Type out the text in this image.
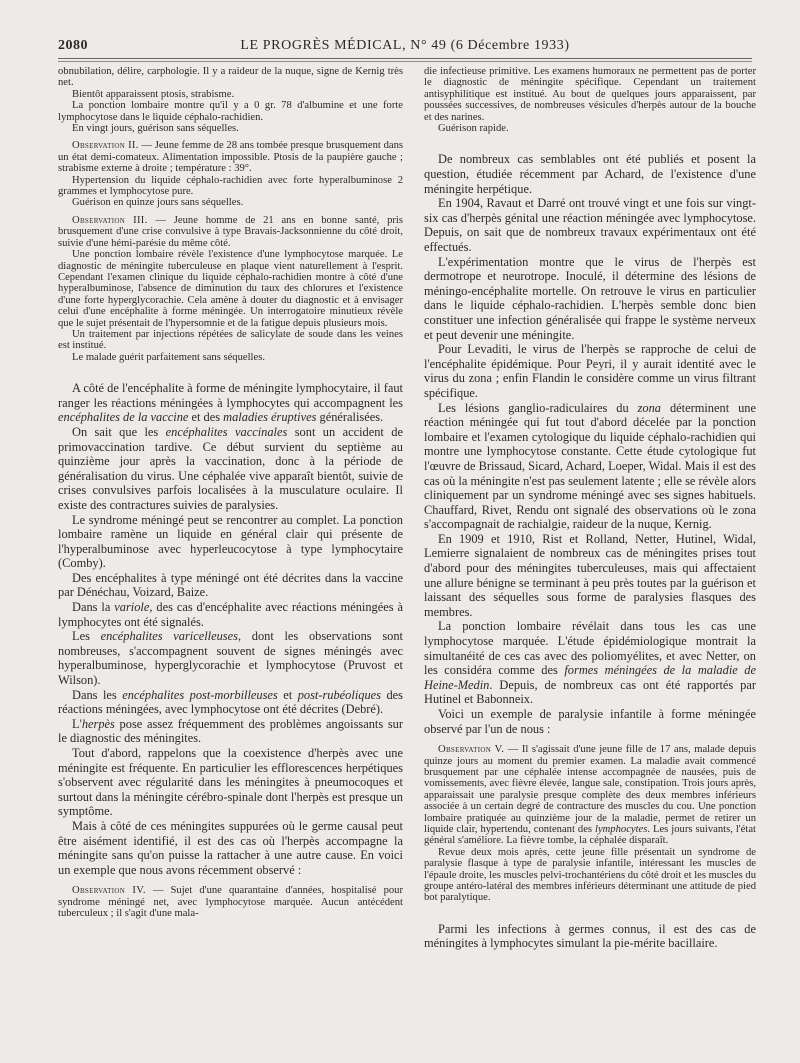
2080	LE PROGRÈS MÉDICAL, N° 49 (6 Décembre 1933)

obnubilation, délire, carphologie. Il y a raideur de la nuque, signe de Kernig très net.

Bientôt apparaissent ptosis, strabisme.

La ponction lombaire montre qu'il y a 0 gr. 78 d'albumine et une forte lymphocytose dans le liquide céphalo-rachidien.

En vingt jours, guérison sans séquelles.

Observation II. — Jeune femme de 28 ans tombée presque brusquement dans un état demi-comateux. Alimentation impossible. Ptosis de la paupière gauche ; strabisme externe à droite ; température : 39°.

Hypertension du liquide céphalo-rachidien avec forte hyperalbuminose 2 grammes et lymphocytose pure.

Guérison en quinze jours sans séquelles.

Observation III. — Jeune homme de 21 ans en bonne santé, pris brusquement d'une crise convulsive à type Bravais-Jacksonnienne du côté droit, suivie d'une hémi-parésie du même côté.

Une ponction lombaire révèle l'existence d'une lymphocytose marquée. Le diagnostic de méningite tuberculeuse en plaque vient naturellement à l'esprit. Cependant l'examen clinique du liquide céphalo-rachidien montre à côté d'une hyperalbuminose, l'absence de diminution du taux des chlorures et l'existence d'une forte hyperglycorachie. Cela amène à douter du diagnostic et à envisager celui d'une encéphalite à forme méningée. Un interrogatoire minutieux révèle que le sujet présentait de l'hypersomnie et de la fatigue depuis plusieurs mois.

Un traitement par injections répétées de salicylate de soude dans les veines est institué.

Le malade guérit parfaitement sans séquelles.

A côté de l'encéphalite à forme de méningite lymphocytaire, il faut ranger les réactions méningées à lymphocytes qui accompagnent les encéphalites de la vaccine et des maladies éruptives généralisées.

On sait que les encéphalites vaccinales sont un accident de primovaccination tardive. Ce début survient du septième au quinzième jour après la vaccination, donc à la période de généralisation du virus. Une céphalée vive apparaît bientôt, suivie de crises convulsives parfois localisées à la musculature oculaire. Il existe des contractures suivies de paralysies.

Le syndrome méningé peut se rencontrer au complet. La ponction lombaire ramène un liquide en général clair qui présente de l'hyperalbuminose avec hyperleucocytose à type lymphocytaire (Comby).

Des encéphalites à type méningé ont été décrites dans la vaccine par Dénéchau, Voizard, Baize.

Dans la variole, des cas d'encéphalite avec réactions méningées à lymphocytes ont été signalés.

Les encéphalites varicelleuses, dont les observations sont nombreuses, s'accompagnent souvent de signes méningés avec hyperalbuminose, hyperglycorachie et lymphocytose (Pruvost et Wilson).

Dans les encéphalites post-morbilleuses et post-rubéoliques des réactions méningées, avec lymphocytose ont été décrites (Debré).

L'herpès pose assez fréquemment des problèmes angoissants sur le diagnostic des méningites.

Tout d'abord, rappelons que la coexistence d'herpès avec une méningite est fréquente. En particulier les efflorescences herpétiques s'observent avec régularité dans les méningites à pneumocoques et surtout dans la méningite cérébro-spinale dont l'herpès est presque un symptôme.

Mais à côté de ces méningites suppurées où le germe causal peut être aisément identifié, il est des cas où l'herpès accompagne la méningite sans qu'on puisse la rattacher à une autre cause. En voici un exemple que nous avons récemment observé :

Observation IV. — Sujet d'une quarantaine d'années, hospitalisé pour syndrome méningé net, avec lymphocytose marquée. Aucun antécédent tuberculeux ; il s'agit d'une mala-

die infectieuse primitive. Les examens humoraux ne permettent pas de porter le diagnostic de méningite spécifique. Cependant un traitement antisyphilitique est institué. Au bout de quelques jours apparaissent, par poussées successives, de nombreuses vésicules d'herpès autour de la bouche et des narines.

Guérison rapide.

De nombreux cas semblables ont été publiés et posent la question, étudiée récemment par Achard, de l'existence d'une méningite herpétique.

En 1904, Ravaut et Darré ont trouvé vingt et une fois sur vingt-six cas d'herpès génital une réaction méningée avec lymphocytose. Depuis, on sait que de nombreux travaux expérimentaux ont été effectués.

L'expérimentation montre que le virus de l'herpès est dermotrope et neurotrope. Inoculé, il détermine des lésions de méningo-encéphalite mortelle. On retrouve le virus en particulier dans le liquide céphalo-rachidien. L'herpès semble donc bien constituer une infection généralisée qui frappe le système nerveux et peut devenir une méningite.

Pour Levaditi, le virus de l'herpès se rapproche de celui de l'encéphalite épidémique. Pour Peyri, il y aurait identité avec le virus du zona ; enfin Flandin le considère comme un virus filtrant spécifique.

Les lésions ganglio-radiculaires du zona déterminent une réaction méningée qui fut tout d'abord décelée par la ponction lombaire et l'examen cytologique du liquide céphalo-rachidien qui montre une lymphocytose constante. Cette étude cytologique fut l'œuvre de Brissaud, Sicard, Achard, Loeper, Widal. Mais il est des cas où la méningite n'est pas seulement latente ; elle se révèle alors cliniquement par un syndrome méningé avec ses signes habituels. Chauffard, Rivet, Rendu ont signalé des observations où le zona s'accompagnait de rachialgie, raideur de la nuque, Kernig.

En 1909 et 1910, Rist et Rolland, Netter, Hutinel, Widal, Lemierre signalaient de nombreux cas de méningites prises tout d'abord pour des méningites tuberculeuses, mais qui affectaient une allure bénigne se terminant à peu près toutes par la guérison et laissant des séquelles sous forme de paralysies flasques des membres.

La ponction lombaire révélait dans tous les cas une lymphocytose marquée. L'étude épidémiologique montrait la simultanéité de ces cas avec des poliomyélites, et avec Netter, on les considéra comme des formes méningées de la maladie de Heine-Medin. Depuis, de nombreux cas ont été rapportés par Hutinel et Babonneix.

Voici un exemple de paralysie infantile à forme méningée observé par l'un de nous :

Observation V. — Il s'agissait d'une jeune fille de 17 ans, malade depuis quinze jours au moment du premier examen. La maladie avait commencé brusquement par une céphalée intense accompagnée de nausées, puis de vomissements, avec fièvre élevée, langue sale, constipation. Trois jours après, apparaissait une paralysie presque complète des deux membres inférieurs associée à un certain degré de contracture des muscles du cou. Une ponction lombaire pratiquée au quinzième jour de la maladie, permet de retirer un liquide clair, hypertendu, contenant des lymphocytes. Les jours suivants, l'état général s'améliore. La fièvre tombe, la céphalée disparaît.

Revue deux mois après, cette jeune fille présentait un syndrome de paralysie flasque à type de paralysie infantile, intéressant les muscles de l'épaule droite, les muscles pelvi-trochantériens du côté droit et les muscles du groupe antéro-latéral des membres inférieurs déterminant une attitude de pied bot paralytique.

Parmi les infections à germes connus, il est des cas de méningites à lymphocytes simulant la pie-mérite bacillaire.
